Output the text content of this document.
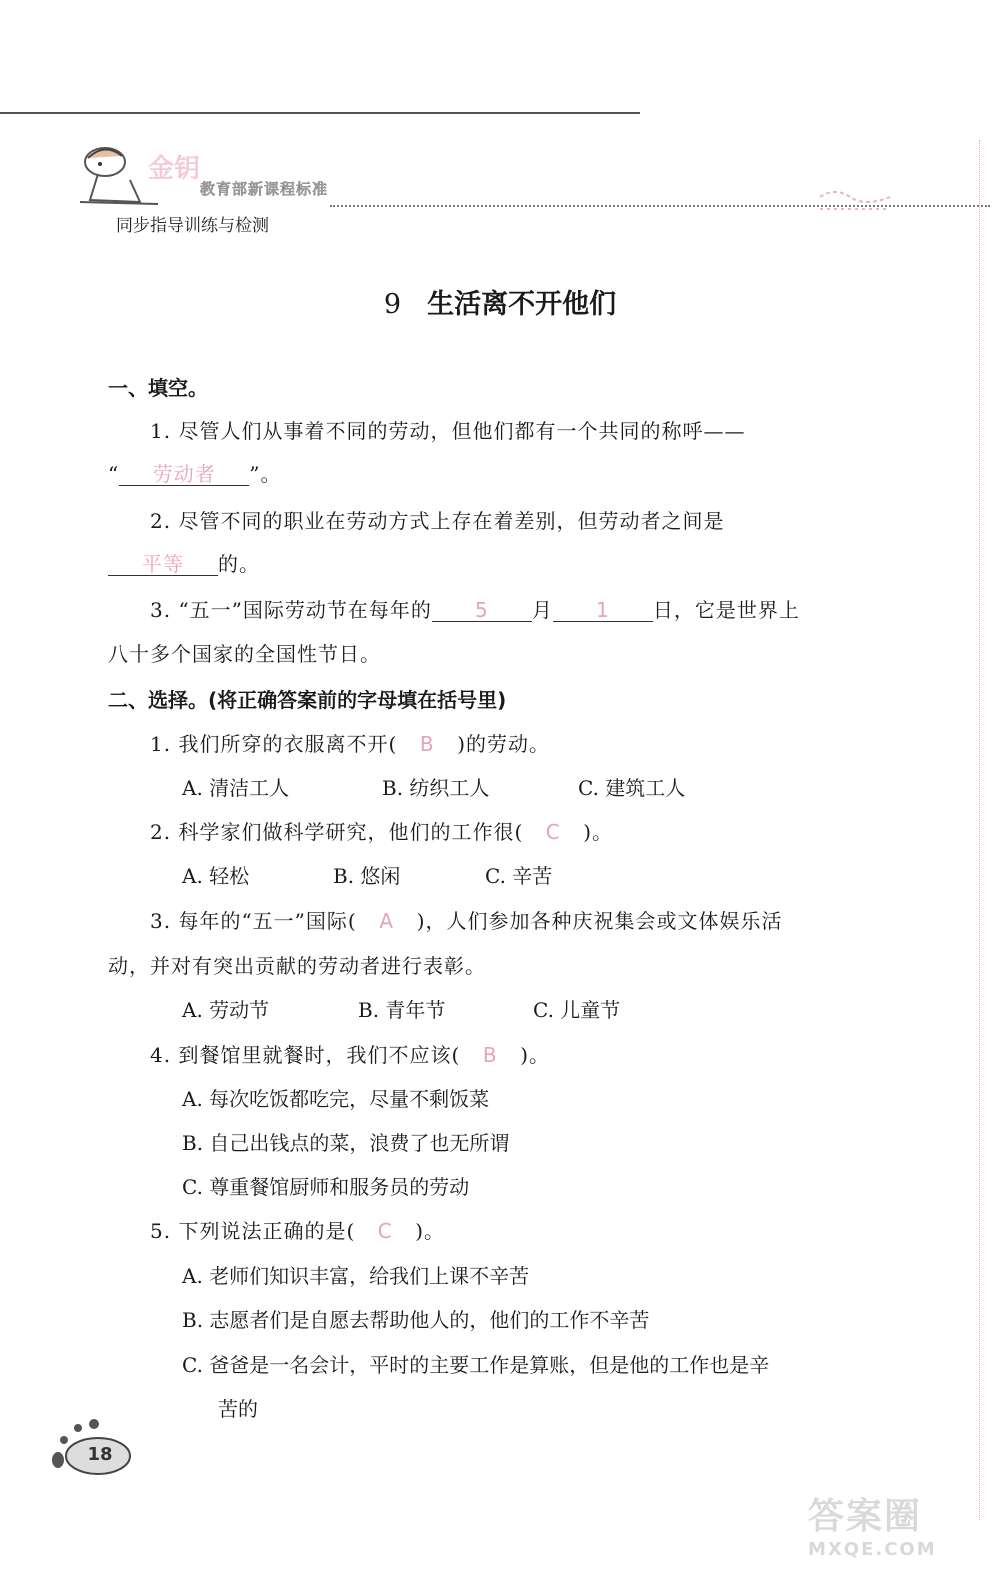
金钥
教育部新课程标准
同步指导训练与检测
9 生活离不开他们
一、填空。
1. 尽管人们从事着不同的劳动，但他们都有一个共同的称呼——
“ 劳动者 ”。
2. 尽管不同的职业在劳动方式上存在着差别，但劳动者之间是
平等 的。
3. “五一”国际劳动节在每年的 5 月 1 日，它是世界上
八十多个国家的全国性节日。
二、选择。(将正确答案前的字母填在括号里)
1. 我们所穿的衣服离不开( B )的劳动。
A. 清洁工人	B. 纺织工人	C. 建筑工人
2. 科学家们做科学研究，他们的工作很( C )。
A. 轻松	B. 悠闲	C. 辛苦
3. 每年的“五一”国际( A )，人们参加各种庆祝集会或文体娱乐活
动，并对有突出贡献的劳动者进行表彰。
A. 劳动节	B. 青年节	C. 儿童节
4. 到餐馆里就餐时，我们不应该( B )。
A. 每次吃饭都吃完，尽量不剩饭菜
B. 自己出钱点的菜，浪费了也无所谓
C. 尊重餐馆厨师和服务员的劳动
5. 下列说法正确的是( C )。
A. 老师们知识丰富，给我们上课不辛苦
B. 志愿者们是自愿去帮助他人的，他们的工作不辛苦
C. 爸爸是一名会计，平时的主要工作是算账，但是他的工作也是辛
苦的
18
答案圈
MXQE.COM
